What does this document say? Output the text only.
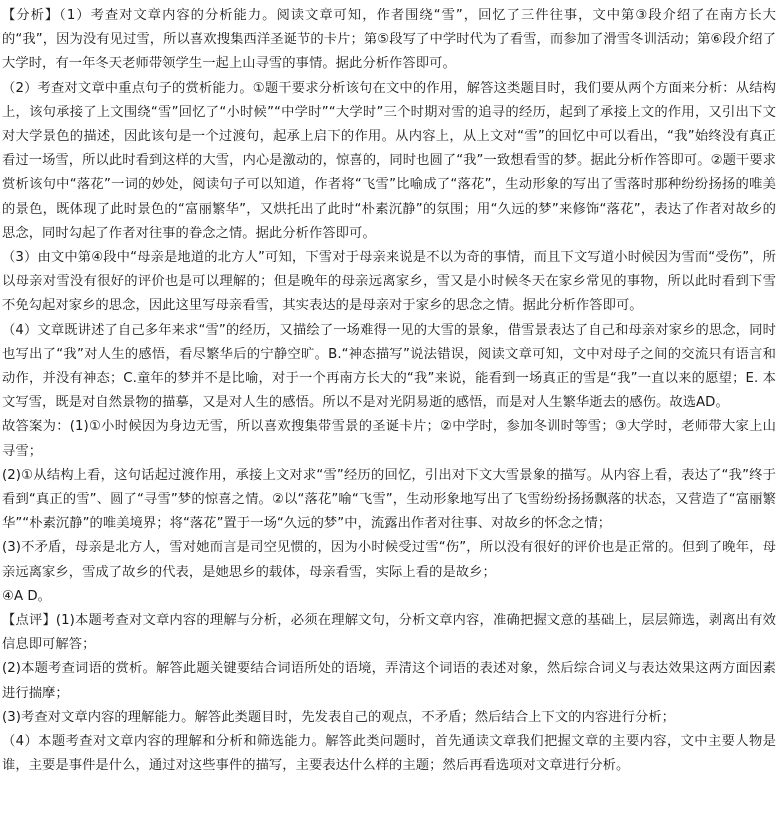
【分析】（1）考查对文章内容的分析能力。阅读文章可知，作者围绕“雪”，回忆了三件往事，文中第③段介绍了在南方长大的“我”，因为没有见过雪，所以喜欢搜集西洋圣诞节的卡片；第⑤段写了中学时代为了看雪，而参加了滑雪冬训活动；第⑥段介绍了大学时，有一年冬天老师带领学生一起上山寻雪的事情。据此分析作答即可。

（2）考查对文章中重点句子的赏析能力。①题干要求分析该句在文中的作用，解答这类题目时，我们要从两个方面来分析：从结构上，该句承接了上文围绕“雪”回忆了“小时候”“中学时”“大学时”三个时期对雪的追寻的经历，起到了承接上文的作用，又引出下文对大学景色的描述，因此该句是一个过渡句，起承上启下的作用。从内容上，从上文对“雪”的回忆中可以看出，“我”始终没有真正看过一场雪，所以此时看到这样的大雪，内心是激动的，惊喜的，同时也圆了“我”一致想看雪的梦。据此分析作答即可。②题干要求赏析该句中“落花”一词的妙处，阅读句子可以知道，作者将“飞雪”比喻成了“落花”，生动形象的写出了雪落时那种纷纷扬扬的唯美的景色，既体现了此时景色的“富丽繁华”，又烘托出了此时“朴素沉静”的氛围；用“久远的梦”来修饰“落花”，表达了作者对故乡的思念，同时勾起了作者对往事的眷念之情。据此分析作答即可。

（3）由文中第④段中“母亲是地道的北方人”可知，下雪对于母亲来说是不以为奇的事情，而且下文写道小时候因为雪而“受伤”，所以母亲对雪没有很好的评价也是可以理解的；但是晚年的母亲远离家乡，雪又是小时候冬天在家乡常见的事物，所以此时看到下雪不免勾起对家乡的思念，因此这里写母亲看雪，其实表达的是母亲对于家乡的思念之情。据此分析作答即可。

（4）文章既讲述了自己多年来求“雪”的经历，又描绘了一场难得一见的大雪的景象，借雪景表达了自己和母亲对家乡的思念，同时也写出了“我”对人生的感悟，看尽繁华后的宁静空旷。B.“神态描写”说法错误，阅读文章可知，文中对母子之间的交流只有语言和动作，并没有神态；C.童年的梦并不是比喻，对于一个再南方长大的“我”来说，能看到一场真正的雪是“我”一直以来的愿望；E. 本文写雪，既是对自然景物的描摹，又是对人生的感悟。所以不是对光阴易逝的感悟，而是对人生繁华逝去的感伤。故选AD。

故答案为：(1)①小时候因为身边无雪，所以喜欢搜集带雪景的圣诞卡片；②中学时，参加冬训时等雪；③大学时，老师带大家上山寻雪；

(2)①从结构上看，这句话起过渡作用，承接上文对求“雪”经历的回忆，引出对下文大雪景象的描写。从内容上看，表达了“我”终于看到“真正的雪”、圆了“寻雪”梦的惊喜之情。②以“落花”喻“飞雪”，生动形象地写出了飞雪纷纷扬扬飘落的状态，又营造了“富丽繁华”“朴素沉静”的唯美境界；将“落花”置于一场“久远的梦”中，流露出作者对往事、对故乡的怀念之情；

(3)不矛盾，母亲是北方人，雪对她而言是司空见惯的，因为小时候受过雪“伤”，所以没有很好的评价也是正常的。但到了晚年，母亲远离家乡，雪成了故乡的代表，是她思乡的载体，母亲看雪，实际上看的是故乡；

④A D。

【点评】(1)本题考查对文章内容的理解与分析，必须在理解文句，分析文章内容，准确把握文意的基础上，层层筛选，剥离出有效信息即可解答；

(2)本题考查词语的赏析。解答此题关键要结合词语所处的语境，弄清这个词语的表述对象，然后综合词义与表达效果这两方面因素进行揣摩；

(3)考查对文章内容的理解能力。解答此类题目时，先发表自己的观点，不矛盾；然后结合上下文的内容进行分析；

（4）本题考查对文章内容的理解和分析和筛选能力。解答此类问题时，首先通读文章我们把握文章的主要内容，文中主要人物是谁，主要是事件是什么，通过对这些事件的描写，主要表达什么样的主题；然后再看选项对文章进行分析。
